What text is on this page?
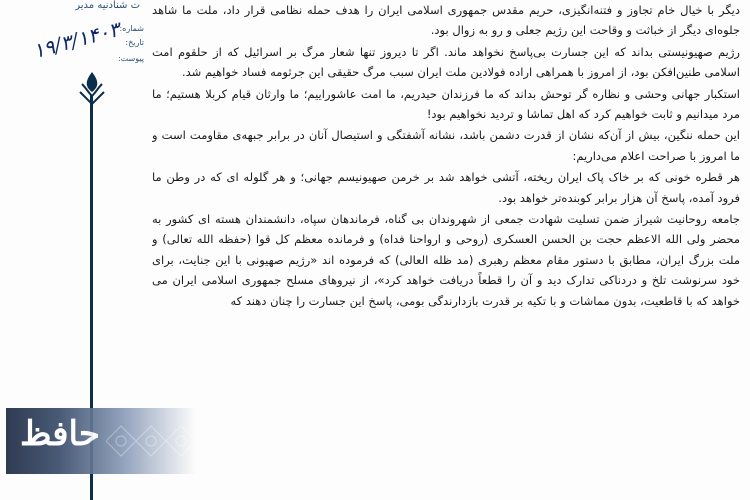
ت شنادنیه مدیر
شماره:
تاریخ:
پیوست:
۱۹/۳/۱۴۰۳

دیگر با خیال خام تجاوز و فتنه‌انگیزی، حریم مقدس جمهوری اسلامی ایران را هدف حمله نظامی قرار داد، ملت ما شاهد جلوه‌ای دیگر از خباثت و وقاحت این رژیم جعلی و رو به زوال بود.

رژیم صهیونیستی بداند که این جسارت بی‌پاسخ نخواهد ماند. اگر تا دیروز تنها شعار مرگ بر اسرائیل که از حلقوم امت اسلامی طنین‌افکن بود، از امروز با همراهی اراده فولادین ملت ایران سبب مرگ حقیقی این جرثومه فساد خواهیم شد.

استکبار جهانی وحشی و نظاره گر توحش بداند که ما فرزندان حیدریم، ما امت عاشوراییم؛ ما وارثان قیام کربلا هستیم؛ ما مرد میدانیم و ثابت خواهیم کرد که اهل تماشا و تردید نخواهیم بود!

این حمله ننگین، بیش از آن‌که نشان از قدرت دشمن باشد، نشانه آشفتگی و استیصال آنان در برابر جبهه‌ی مقاومت است و ما امروز با صراحت اعلام می‌داریم:

هر قطره خونی که بر خاک پاک ایران ریخته، آتشی خواهد شد بر خرمن صهیونیسم جهانی؛ و هر گلوله ای که در وطن ما فرود آمده، پاسخ آن هزار برابر کوبنده‌تر خواهد بود.

جامعه روحانیت شیراز ضمن تسلیت شهادت جمعی از شهروندان بی گناه، فرماندهان سپاه، دانشمندان هسته ای کشور به محضر ولی الله الاعظم حجت بن الحسن العسکری (روحی و ارواحنا فداه) و فرمانده معظم کل قوا (حفظه الله تعالی) و ملت بزرگ ایران، مطابق با دستور مقام معظم رهبری (مد ظله العالی) که فرموده اند «رژیم صهیونی با این جنایت، برای خود سرنوشت تلخ و دردناکی تدارک دید و آن را قطعاً دریافت خواهد کرد»، از نیروهای مسلح جمهوری اسلامی ایران می خواهد که با قاطعیت، بدون مماشات و با تکیه بر قدرت بازدارندگی بومی، پاسخ این جسارت را چنان دهند که

حافظ
